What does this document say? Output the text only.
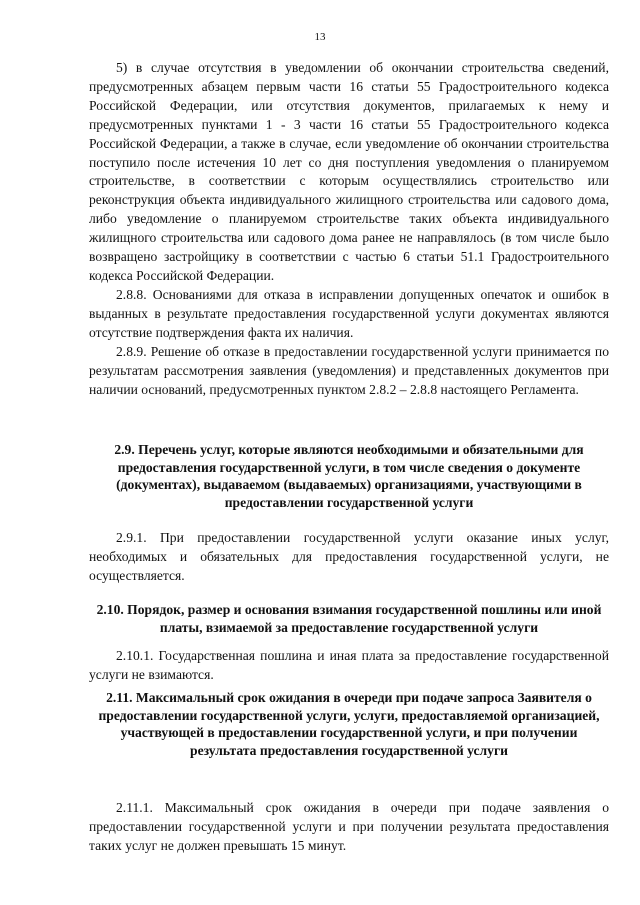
13

5) в случае отсутствия в уведомлении об окончании строительства сведений, предусмотренных абзацем первым части 16 статьи 55 Градостроительного кодекса Российской Федерации, или отсутствия документов, прилагаемых к нему и предусмотренных пунктами 1 - 3 части 16 статьи 55 Градостроительного кодекса Российской Федерации, а также в случае, если уведомление об окончании строительства поступило после истечения 10 лет со дня поступления уведомления о планируемом строительстве, в соответствии с которым осуществлялись строительство или реконструкция объекта индивидуального жилищного строительства или садового дома, либо уведомление о планируемом строительстве таких объекта индивидуального жилищного строительства или садового дома ранее не направлялось (в том числе было возвращено застройщику в соответствии с частью 6 статьи 51.1 Градостроительного кодекса Российской Федерации.

2.8.8. Основаниями для отказа в исправлении допущенных опечаток и ошибок в выданных в результате предоставления государственной услуги документах являются отсутствие подтверждения факта их наличия.

2.8.9. Решение об отказе в предоставлении государственной услуги принимается по результатам рассмотрения заявления (уведомления) и представленных документов при наличии оснований, предусмотренных пунктом 2.8.2 – 2.8.8 настоящего Регламента.

2.9. Перечень услуг, которые являются необходимыми и обязательными для предоставления государственной услуги, в том числе сведения о документе (документах), выдаваемом (выдаваемых) организациями, участвующими в предоставлении государственной услуги

2.9.1. При предоставлении государственной услуги оказание иных услуг, необходимых и обязательных для предоставления государственной услуги, не осуществляется.

2.10. Порядок, размер и основания взимания государственной пошлины или иной платы, взимаемой за предоставление государственной услуги

2.10.1. Государственная пошлина и иная плата за предоставление государственной услуги не взимаются.

2.11. Максимальный срок ожидания в очереди при подаче запроса Заявителя о предоставлении государственной услуги, услуги, предоставляемой организацией, участвующей в предоставлении государственной услуги, и при получении результата предоставления государственной услуги

2.11.1. Максимальный срок ожидания в очереди при подаче заявления о предоставлении государственной услуги и при получении результата предоставления таких услуг не должен превышать 15 минут.
